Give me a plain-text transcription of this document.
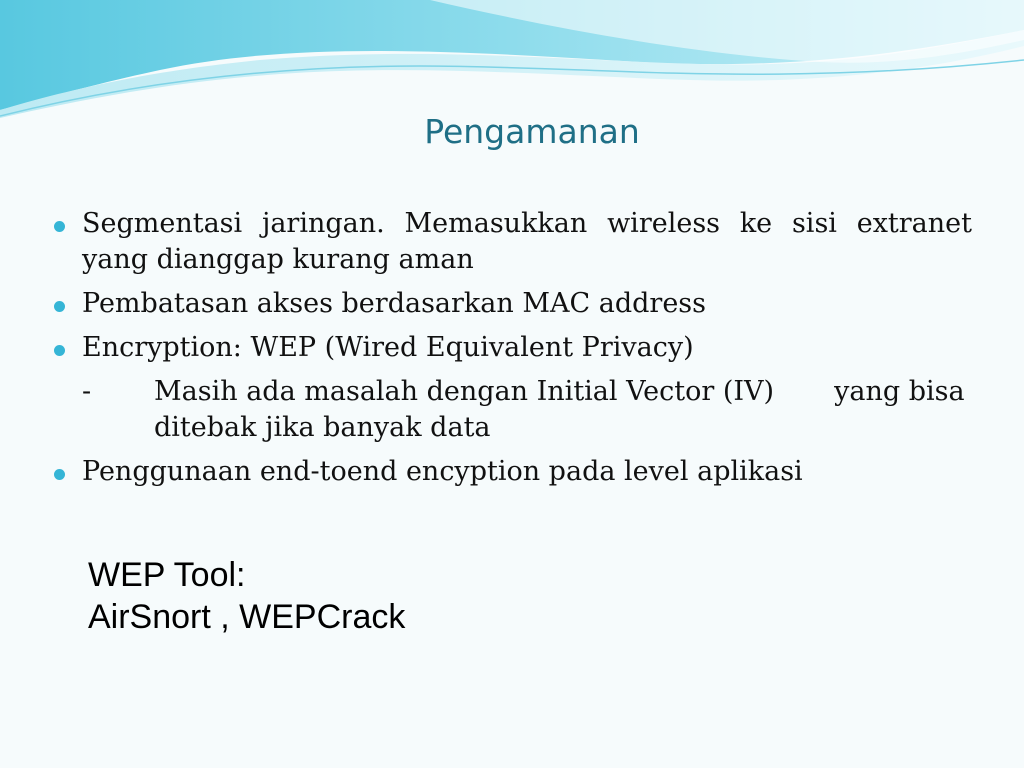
Pengamanan
Segmentasi jaringan. Memasukkan wireless ke sisi extranet yang dianggap kurang aman
Pembatasan akses berdasarkan MAC address
Encryption: WEP (Wired Equivalent Privacy)
- Masih ada masalah dengan Initial Vector (IV)       yang bisa ditebak jika banyak data
Penggunaan end-toend encyption pada level aplikasi
WEP Tool:
AirSnort , WEPCrack
